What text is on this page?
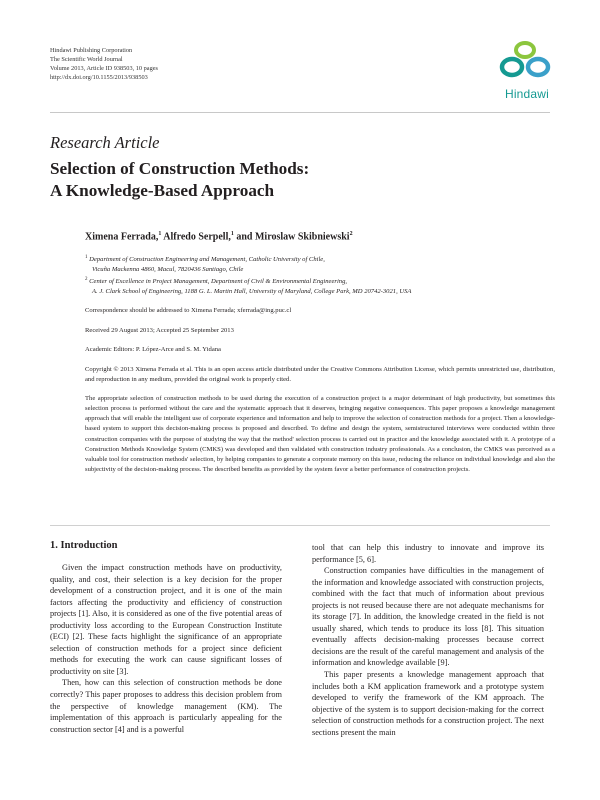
Hindawi Publishing Corporation
The Scientific World Journal
Volume 2013, Article ID 938503, 10 pages
http://dx.doi.org/10.1155/2013/938503
Hindawi
Research Article
Selection of Construction Methods:
A Knowledge-Based Approach
Ximena Ferrada,$^1$ Alfredo Serpell,$^1$ and Miroslaw Skibniewski$^2$
$^1$ Department of Construction Engineering and Management, Catholic University of Chile,
Vicuña Mackenna 4860, Macul, 7820436 Santiago, Chile
$^2$ Center of Excellence in Project Management, Department of Civil & Environmental Engineering,
A. J. Clark School of Engineering, 1188 G. L. Martin Hall, University of Maryland, College Park, MD 20742-3021, USA
Correspondence should be addressed to Ximena Ferrada; xferrada@ing.puc.cl
Received 29 August 2013; Accepted 25 September 2013
Academic Editors: P. López-Arce and S. M. Yidana
Copyright © 2013 Ximena Ferrada et al. This is an open access article distributed under the Creative Commons Attribution License, which permits unrestricted use, distribution, and reproduction in any medium, provided the original work is properly cited.
The appropriate selection of construction methods to be used during the execution of a construction project is a major determinant of high productivity, but sometimes this selection process is performed without the care and the systematic approach that it deserves, bringing negative consequences. This paper proposes a knowledge management approach that will enable the intelligent use of corporate experience and information and help to improve the selection of construction methods for a project. Then a knowledge-based system to support this decision-making process is proposed and described. To define and design the system, semistructured interviews were conducted within three construction companies with the purpose of studying the way that the method' selection process is carried out in practice and the knowledge associated with it. A prototype of a Construction Methods Knowledge System (CMKS) was developed and then validated with construction industry professionals. As a conclusion, the CMKS was perceived as a valuable tool for construction methods' selection, by helping companies to generate a corporate memory on this issue, reducing the reliance on individual knowledge and also the subjectivity of the decision-making process. The described benefits as provided by the system favor a better performance of construction projects.
1. Introduction

Given the impact construction methods have on productivity, quality, and cost, their selection is a key decision for the proper development of a construction project, and it is one of the main factors affecting the productivity and efficiency of construction projects [1]. Also, it is considered as one of the five potential areas of productivity loss according to the European Construction Institute (ECI) [2]. These facts highlight the significance of an appropriate selection of construction methods for a project since deficient methods for executing the work can cause significant losses of productivity on site [3].

Then, how can this selection of construction methods be done correctly? This paper proposes to address this decision problem from the perspective of knowledge management (KM). The implementation of this approach is particularly appealing for the construction sector [4] and is a powerful

tool that can help this industry to innovate and improve its performance [5, 6].

Construction companies have difficulties in the management of the information and knowledge associated with construction projects, combined with the fact that much of information about previous projects is not reused because there are not adequate mechanisms for its storage [7]. In addition, the knowledge created in the field is not usually shared, which tends to produce its loss [8]. This situation eventually affects decision-making processes because correct decisions are the result of the careful management and analysis of the information and knowledge available [9].

This paper presents a knowledge management approach that includes both a KM application framework and a prototype system developed to verify the framework of the KM approach. The objective of the system is to support decision-making for the correct selection of construction methods for a construction project. The next sections present the main
